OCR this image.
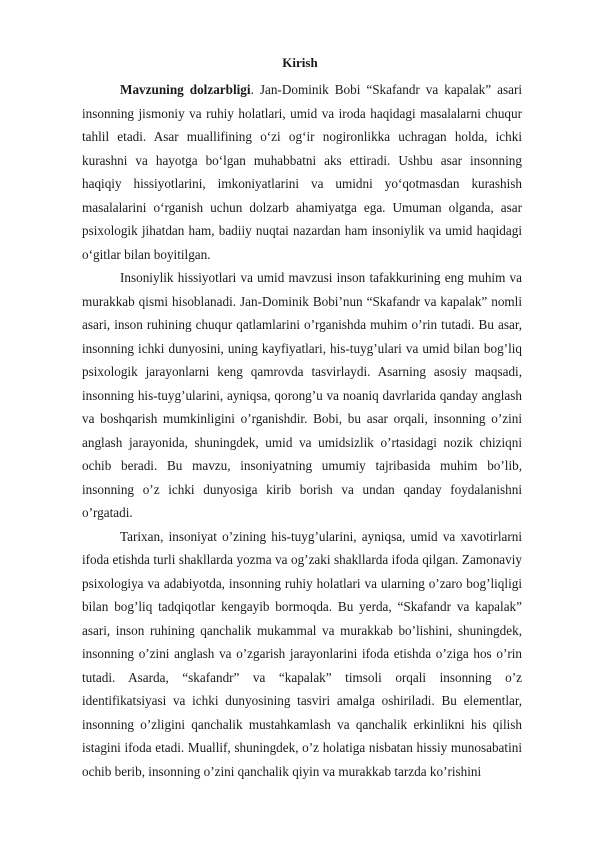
Kirish

Mavzuning dolzarbligi. Jan-Dominik Bobi “Skafandr va kapalak” asari insonning jismoniy va ruhiy holatlari, umid va iroda haqidagi masalalarni chuqur tahlil etadi. Asar muallifining o‘zi og‘ir nogironlikka uchragan holda, ichki kurashni va hayotga bo‘lgan muhabbatni aks ettiradi. Ushbu asar insonning haqiqiy hissiyotlarini, imkoniyatlarini va umidni yo‘qotmasdan kurashish masalalarini o‘rganish uchun dolzarb ahamiyatga ega. Umuman olganda, asar psixologik jihatdan ham, badiiy nuqtai nazardan ham insoniylik va umid haqidagi o‘gitlar bilan boyitilgan.

Insoniylik hissiyotlari va umid mavzusi inson tafakkurining eng muhim va murakkab qismi hisoblanadi. Jan-Dominik Bobi’nun “Skafandr va kapalak” nomli asari, inson ruhining chuqur qatlamlarini o’rganishda muhim o’rin tutadi. Bu asar, insonning ichki dunyosini, uning kayfiyatlari, his-tuyg’ulari va umid bilan bog’liq psixologik jarayonlarni keng qamrovda tasvirlaydi. Asarning asosiy maqsadi, insonning his-tuyg’ularini, ayniqsa, qorong’u va noaniq davrlarida qanday anglash va boshqarish mumkinligini o’rganishdir. Bobi, bu asar orqali, insonning o’zini anglash jarayonida, shuningdek, umid va umidsizlik o’rtasidagi nozik chiziqni ochib beradi. Bu mavzu, insoniyatning umumiy tajribasida muhim bo’lib, insonning o’z ichki dunyosiga kirib borish va undan qanday foydalanishni o’rgatadi.

Tarixan, insoniyat o’zining his-tuyg’ularini, ayniqsa, umid va xavotirlarni ifoda etishda turli shakllarda yozma va og’zaki shakllarda ifoda qilgan. Zamonaviy psixologiya va adabiyotda, insonning ruhiy holatlari va ularning o’zaro bog’liqligi bilan bog’liq tadqiqotlar kengayib bormoqda. Bu yerda, “Skafandr va kapalak” asari, inson ruhining qanchalik mukammal va murakkab bo’lishini, shuningdek, insonning o’zini anglash va o’zgarish jarayonlarini ifoda etishda o’ziga hos o’rin tutadi. Asarda, “skafandr” va “kapalak” timsoli orqali insonning o’z identifikatsiyasi va ichki dunyosining tasviri amalga oshiriladi. Bu elementlar, insonning o’zligini qanchalik mustahkamlash va qanchalik erkinlikni his qilish istagini ifoda etadi. Muallif, shuningdek, o’z holatiga nisbatan hissiy munosabatini ochib berib, insonning o’zini qanchalik qiyin va murakkab tarzda ko’rishini
